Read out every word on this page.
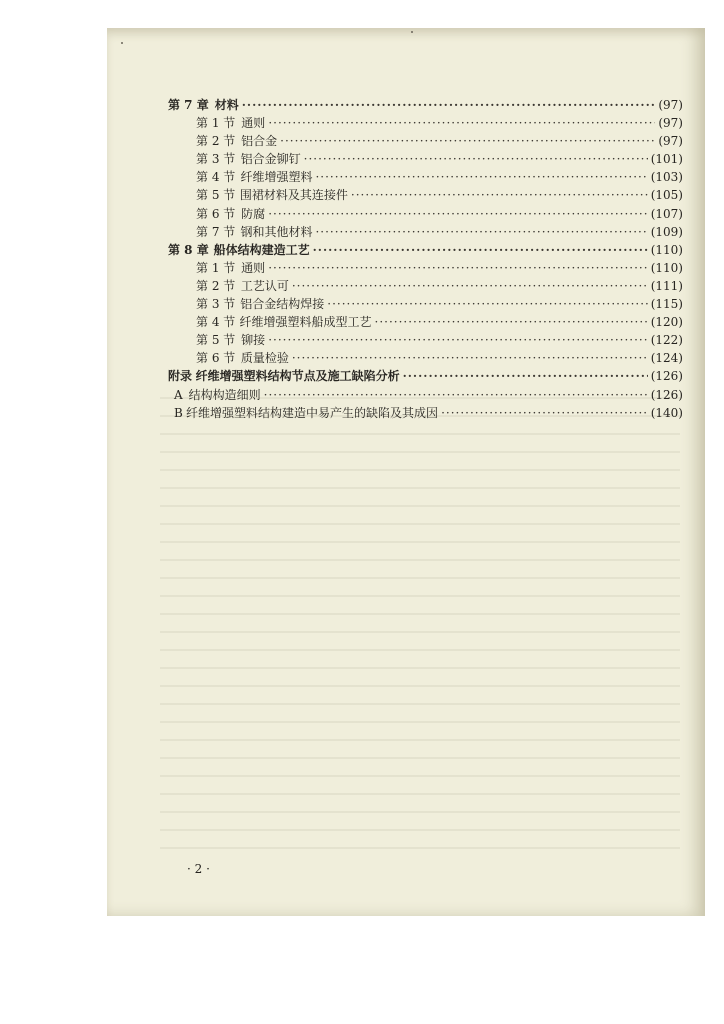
第 7 章 材料 ·····	(97)
第 1 节 通则 ·····	(97)
第 2 节 铝合金 ·····	(97)
第 3 节 铝合金铆钉 ·····	(101)
第 4 节 纤维增强塑料 ·····	(103)
第 5 节 围裙材料及其连接件 ·····	(105)
第 6 节 防腐 ·····	(107)
第 7 节 钢和其他材料 ·····	(109)
第 8 章 船体结构建造工艺 ·····	(110)
第 1 节 通则 ·····	(110)
第 2 节 工艺认可 ·····	(111)
第 3 节 铝合金结构焊接 ·····	(115)
第 4 节 纤维增强塑料船成型工艺 ·····	(120)
第 5 节 铆接 ·····	(122)
第 6 节 质量检验 ·····	(124)
附录 纤维增强塑料结构节点及施工缺陷分析 ·····	(126)
A 结构构造细则 ·····	(126)
B 纤维增强塑料结构建造中易产生的缺陷及其成因 ·····	(140)
· 2 ·
